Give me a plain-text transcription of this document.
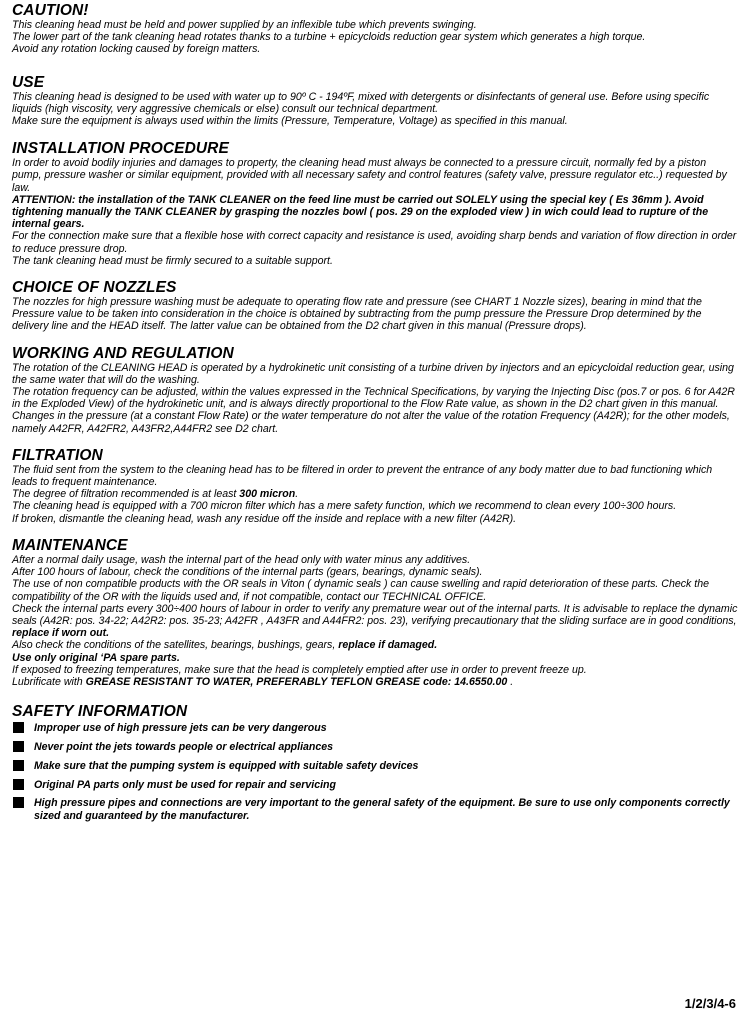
CAUTION!

This cleaning head must be held and power supplied by an inflexible tube which prevents swinging.

The lower part of the tank cleaning head rotates thanks to a turbine + epicycloids reduction gear system which generates a high torque.

Avoid any rotation locking caused by foreign matters.

USE

This cleaning head is designed to be used with water up to 90º C - 194ºF, mixed with detergents or disinfectants of general use. Before using specific liquids (high viscosity, very aggressive chemicals or else) consult our technical department.

Make sure the equipment is always used within the limits (Pressure, Temperature, Voltage) as specified in this manual.

INSTALLATION PROCEDURE

In order to avoid bodily injuries and damages to property, the cleaning head must always be connected to a pressure circuit, normally fed by a piston pump, pressure washer or similar equipment, provided with all necessary safety and control features (safety valve, pressure regulator etc..) requested by law.

ATTENTION: the installation of the TANK CLEANER on the feed line must be carried out SOLELY using the special key ( Es 36mm ). Avoid tightening manually the TANK CLEANER by grasping the nozzles bowl ( pos. 29 on the exploded view ) in wich could lead to rupture of the internal gears.

For the connection make sure that a flexible hose with correct capacity and resistance is used, avoiding sharp bends and variation of flow direction in order to reduce pressure drop.

The tank cleaning head must be firmly secured to a suitable support.

CHOICE OF NOZZLES

The nozzles for high pressure washing must be adequate to operating flow rate and pressure (see CHART 1 Nozzle sizes), bearing in mind that the Pressure value to be taken into consideration in the choice is obtained by subtracting from the pump pressure the Pressure Drop determined by the delivery line and the HEAD itself. The latter value can be obtained from the D2 chart given in this manual (Pressure drops).

WORKING AND REGULATION

The rotation of the CLEANING HEAD is operated by a hydrokinetic unit consisting of a turbine driven by injectors and an epicycloidal reduction gear, using the same water that will do the washing.

The rotation frequency can be adjusted, within the values expressed in the Technical Specifications, by varying the Injecting Disc (pos.7 or pos. 6 for A42R in the Exploded View) of the hydrokinetic unit, and is always directly proportional to the Flow Rate value, as shown in the D2 chart given in this manual.

Changes in the pressure (at a constant Flow Rate) or the water temperature do not alter the value of the rotation Frequency (A42R); for the other models, namely A42FR, A42FR2, A43FR2,A44FR2 see D2 chart.

FILTRATION

The fluid sent from the system to the cleaning head has to be filtered in order to prevent the entrance of any body matter due to bad functioning which leads to frequent maintenance.

The degree of filtration recommended is at least 300 micron.

The cleaning head is equipped with a 700 micron filter which has a mere safety function, which we recommend to clean every 100÷300 hours.

If broken, dismantle the cleaning head, wash any residue off the inside and replace with a new filter (A42R).

MAINTENANCE

After a normal daily usage, wash the internal part of the head only with water minus any additives.

After 100 hours of labour, check the conditions of the internal parts (gears, bearings, dynamic seals).

The use of non compatible products with the OR seals in Viton ( dynamic seals ) can cause swelling and rapid deterioration of these parts. Check the compatibility of the OR with the liquids used and, if not compatible, contact our TECHNICAL OFFICE.

Check the internal parts every 300÷400 hours of labour in order to verify any premature wear out of the internal parts. It is advisable to replace the dynamic seals (A42R: pos. 34-22; A42R2: pos. 35-23; A42FR , A43FR and A44FR2: pos. 23), verifying precautionary that the sliding surface are in good conditions, replace if worn out.

Also check the conditions of the satellites, bearings, bushings, gears, replace if damaged.

Use only original ‘PA spare parts.

If exposed to freezing temperatures, make sure that the head is completely emptied after use in order to prevent freeze up.

Lubrificate with GREASE RESISTANT TO WATER, PREFERABLY TEFLON GREASE code: 14.6550.00 .

SAFETY INFORMATION
Improper use of high pressure jets can be very dangerous
Never point the jets towards people or electrical appliances
Make sure that the pumping system is equipped with suitable safety devices
Original PA parts only must be used for repair and servicing
High pressure pipes and connections are very important to the general safety of the equipment. Be sure to use only components correctly sized and guaranteed by the manufacturer.
1/2/3/4-6
